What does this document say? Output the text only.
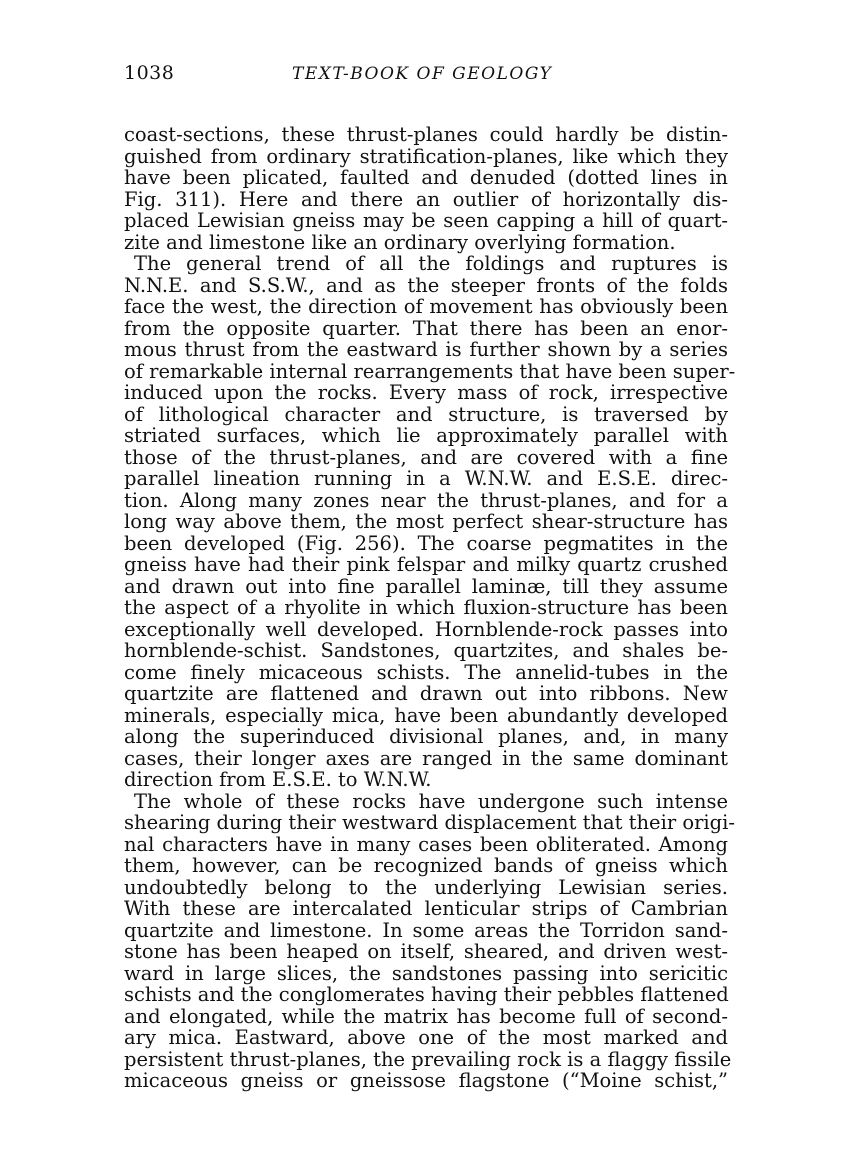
1038	TEXT-BOOK OF GEOLOGY
coast-sections, these thrust-planes could hardly be distin-
guished from ordinary stratification-planes, like which they
have been plicated, faulted and denuded (dotted lines in
Fig. 311). Here and there an outlier of horizontally dis-
placed Lewisian gneiss may be seen capping a hill of quart-
zite and limestone like an ordinary overlying formation.
The general trend of all the foldings and ruptures is
N.N.E. and S.S.W., and as the steeper fronts of the folds
face the west, the direction of movement has obviously been
from the opposite quarter. That there has been an enor-
mous thrust from the eastward is further shown by a series
of remarkable internal rearrangements that have been super-
induced upon the rocks. Every mass of rock, irrespective
of lithological character and structure, is traversed by
striated surfaces, which lie approximately parallel with
those of the thrust-planes, and are covered with a fine
parallel lineation running in a W.N.W. and E.S.E. direc-
tion. Along many zones near the thrust-planes, and for a
long way above them, the most perfect shear-structure has
been developed (Fig. 256). The coarse pegmatites in the
gneiss have had their pink felspar and milky quartz crushed
and drawn out into fine parallel laminæ, till they assume
the aspect of a rhyolite in which fluxion-structure has been
exceptionally well developed. Hornblende-rock passes into
hornblende-schist. Sandstones, quartzites, and shales be-
come finely micaceous schists. The annelid-tubes in the
quartzite are flattened and drawn out into ribbons. New
minerals, especially mica, have been abundantly developed
along the superinduced divisional planes, and, in many
cases, their longer axes are ranged in the same dominant
direction from E.S.E. to W.N.W.
The whole of these rocks have undergone such intense
shearing during their westward displacement that their origi-
nal characters have in many cases been obliterated. Among
them, however, can be recognized bands of gneiss which
undoubtedly belong to the underlying Lewisian series.
With these are intercalated lenticular strips of Cambrian
quartzite and limestone. In some areas the Torridon sand-
stone has been heaped on itself, sheared, and driven west-
ward in large slices, the sandstones passing into sericitic
schists and the conglomerates having their pebbles flattened
and elongated, while the matrix has become full of second-
ary mica. Eastward, above one of the most marked and
persistent thrust-planes, the prevailing rock is a flaggy fissile
micaceous gneiss or gneissose flagstone (“Moine schist,”
